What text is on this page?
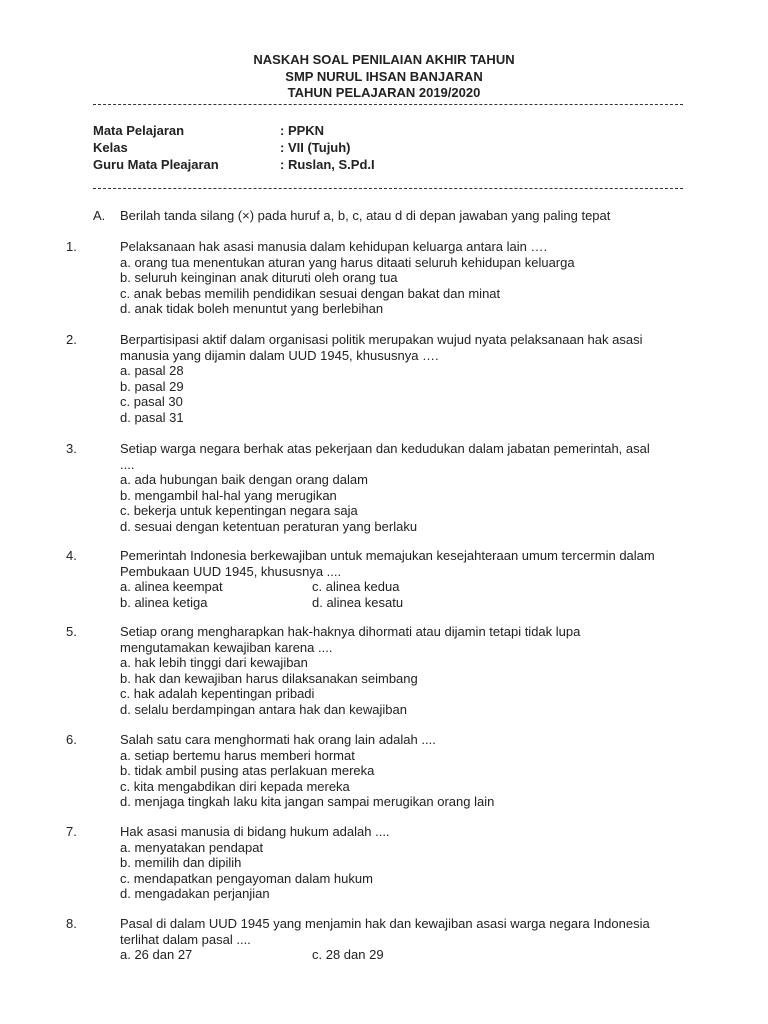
NASKAH SOAL PENILAIAN AKHIR TAHUN
SMP NURUL IHSAN BANJARAN
TAHUN PELAJARAN 2019/2020
Mata Pelajaran	: PPKN
Kelas	: VII (Tujuh)
Guru Mata Pleajaran	: Ruslan, S.Pd.I
A. Berilah tanda silang (×) pada huruf a, b, c, atau d di depan jawaban yang paling tepat
1.	Pelaksanaan hak asasi manusia dalam kehidupan keluarga antara lain ….
a. orang tua menentukan aturan yang harus ditaati seluruh kehidupan keluarga
b. seluruh keinginan anak dituruti oleh orang tua
c. anak bebas memilih pendidikan sesuai dengan bakat dan minat
d. anak tidak boleh menuntut yang berlebihan
2.	Berpartisipasi aktif dalam organisasi politik merupakan wujud nyata pelaksanaan hak asasi manusia yang dijamin dalam UUD 1945, khususnya ….
a. pasal 28
b. pasal 29
c. pasal 30
d. pasal 31
3.	Setiap warga negara berhak atas pekerjaan dan kedudukan dalam jabatan pemerintah, asal ....
a. ada hubungan baik dengan orang dalam
b. mengambil hal-hal yang merugikan
c. bekerja untuk kepentingan negara saja
d. sesuai dengan ketentuan peraturan yang berlaku
4.	Pemerintah Indonesia berkewajiban untuk memajukan kesejahteraan umum tercermin dalam Pembukaan UUD 1945, khususnya ....
a. alinea keempat	c. alinea kedua
b. alinea ketiga	d. alinea kesatu
5.	Setiap orang mengharapkan hak-haknya dihormati atau dijamin tetapi tidak lupa mengutamakan kewajiban karena ....
a. hak lebih tinggi dari kewajiban
b. hak dan kewajiban harus dilaksanakan seimbang
c. hak adalah kepentingan pribadi
d. selalu berdampingan antara hak dan kewajiban
6.	Salah satu cara menghormati hak orang lain adalah ....
a. setiap bertemu harus memberi hormat
b. tidak ambil pusing atas perlakuan mereka
c. kita mengabdikan diri kepada mereka
d. menjaga tingkah laku kita jangan sampai merugikan orang lain
7.	Hak asasi manusia di bidang hukum adalah ....
a. menyatakan pendapat
b. memilih dan dipilih
c. mendapatkan pengayoman dalam hukum
d. mengadakan perjanjian
8.	Pasal di dalam UUD 1945 yang menjamin hak dan kewajiban asasi warga negara Indonesia terlihat dalam pasal ....
a. 26 dan 27	c. 28 dan 29
